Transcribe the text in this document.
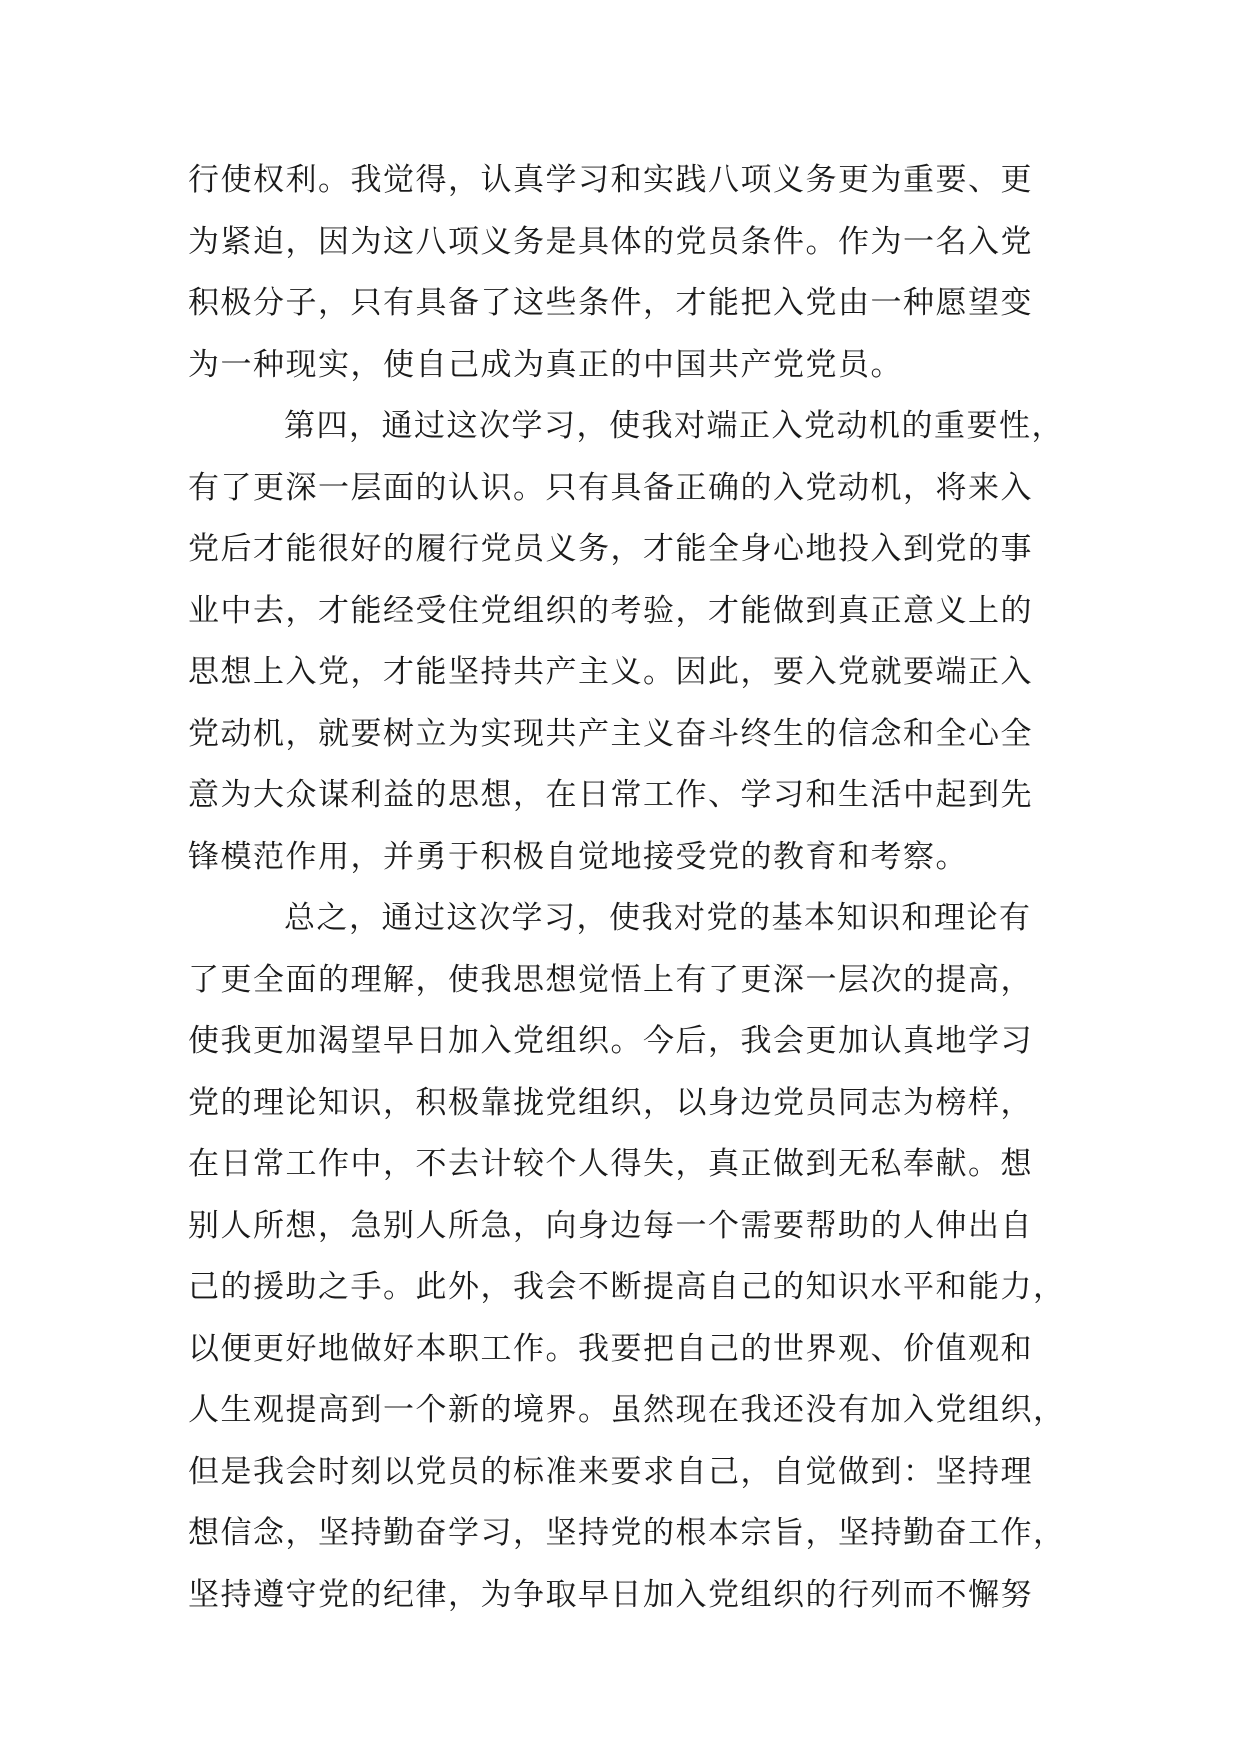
行使权利。我觉得，认真学习和实践八项义务更为重要、更
为紧迫，因为这八项义务是具体的党员条件。作为一名入党
积极分子，只有具备了这些条件，才能把入党由一种愿望变
为一种现实，使自己成为真正的中国共产党党员。
第四，通过这次学习，使我对端正入党动机的重要性，
有了更深一层面的认识。只有具备正确的入党动机，将来入
党后才能很好的履行党员义务，才能全身心地投入到党的事
业中去，才能经受住党组织的考验，才能做到真正意义上的
思想上入党，才能坚持共产主义。因此，要入党就要端正入
党动机，就要树立为实现共产主义奋斗终生的信念和全心全
意为大众谋利益的思想，在日常工作、学习和生活中起到先
锋模范作用，并勇于积极自觉地接受党的教育和考察。
总之，通过这次学习，使我对党的基本知识和理论有
了更全面的理解，使我思想觉悟上有了更深一层次的提高，
使我更加渴望早日加入党组织。今后，我会更加认真地学习
党的理论知识，积极靠拢党组织，以身边党员同志为榜样，
在日常工作中，不去计较个人得失，真正做到无私奉献。想
别人所想，急别人所急，向身边每一个需要帮助的人伸出自
己的援助之手。此外，我会不断提高自己的知识水平和能力，
以便更好地做好本职工作。我要把自己的世界观、价值观和
人生观提高到一个新的境界。虽然现在我还没有加入党组织，
但是我会时刻以党员的标准来要求自己，自觉做到：坚持理
想信念，坚持勤奋学习，坚持党的根本宗旨，坚持勤奋工作，
坚持遵守党的纪律，为争取早日加入党组织的行列而不懈努
